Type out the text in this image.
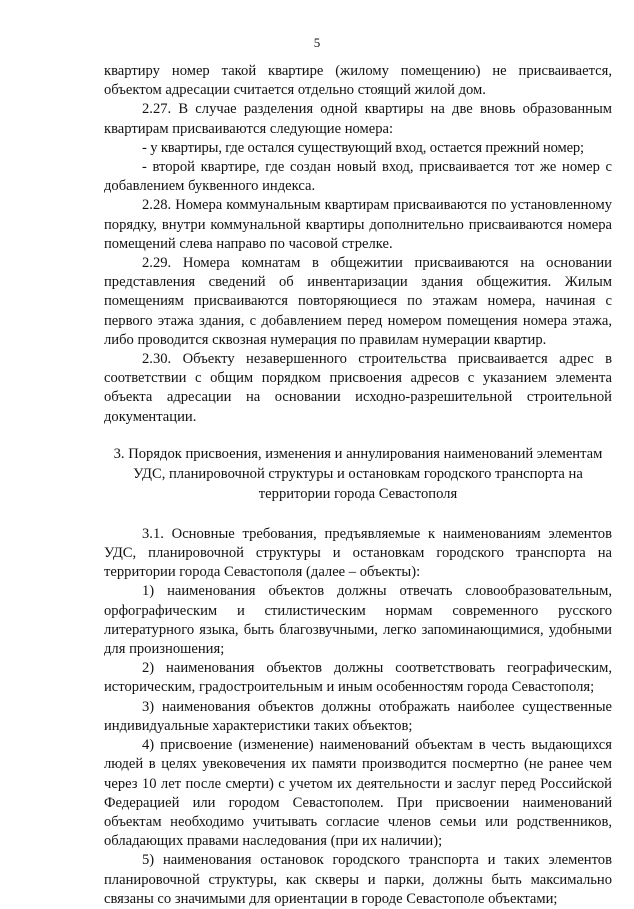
5

квартиру номер такой квартире (жилому помещению) не присваивается, объектом адресации считается отдельно стоящий жилой дом.

2.27. В случае разделения одной квартиры на две вновь образованным квартирам присваиваются следующие номера:

- у квартиры, где остался существующий вход, остается прежний номер;

- второй квартире, где создан новый вход, присваивается тот же номер с добавлением буквенного индекса.

2.28. Номера коммунальным квартирам присваиваются по установленному порядку, внутри коммунальной квартиры дополнительно присваиваются номера помещений слева направо по часовой стрелке.

2.29. Номера комнатам в общежитии присваиваются на основании представления сведений об инвентаризации здания общежития. Жилым помещениям присваиваются повторяющиеся по этажам номера, начиная с первого этажа здания, с добавлением перед номером помещения номера этажа, либо проводится сквозная нумерация по правилам нумерации квартир.

2.30. Объекту незавершенного строительства присваивается адрес в соответствии с общим порядком присвоения адресов с указанием элемента объекта адресации на основании исходно-разрешительной строительной документации.

3. Порядок присвоения, изменения и аннулирования наименований элементам УДС, планировочной структуры и остановкам городского транспорта на территории города Севастополя

3.1. Основные требования, предъявляемые к наименованиям элементов УДС, планировочной структуры и остановкам городского транспорта на территории города Севастополя (далее – объекты):

1) наименования объектов должны отвечать словообразовательным, орфографическим и стилистическим нормам современного русского литературного языка, быть благозвучными, легко запоминающимися, удобными для произношения;

2) наименования объектов должны соответствовать географическим, историческим, градостроительным и иным особенностям города Севастополя;

3) наименования объектов должны отображать наиболее существенные индивидуальные характеристики таких объектов;

4) присвоение (изменение) наименований объектам в честь выдающихся людей в целях увековечения их памяти производится посмертно (не ранее чем через 10 лет после смерти) с учетом их деятельности и заслуг перед Российской Федерацией или городом Севастополем. При присвоении наименований объектам необходимо учитывать согласие членов семьи или родственников, обладающих правами наследования (при их наличии);

5) наименования остановок городского транспорта и таких элементов планировочной структуры, как скверы и парки, должны быть максимально связаны со значимыми для ориентации в городе Севастополе объектами;
